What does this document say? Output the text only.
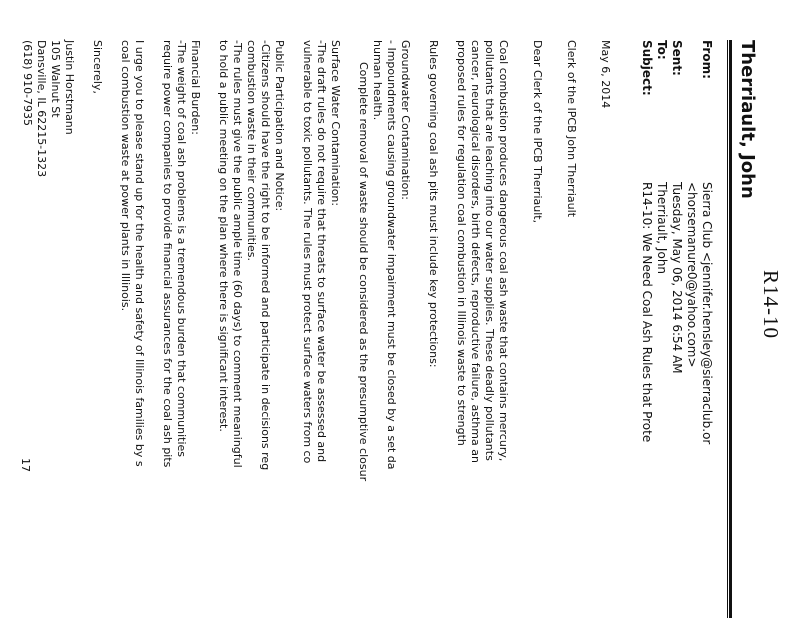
R14-10
Therriault, John
From:
Sierra Club <jennifer.hensley@sierraclub.or
<horsemanure0@yahoo.com>
Sent:
Tuesday, May 06, 2014 6:54 AM
To:
Therriault, John
Subject:
R14-10: We Need Coal Ash Rules that Prote
May 6, 2014
Clerk of the IPCB John Therriault
Dear Clerk of the IPCB Therriault,
Coal combustion produces dangerous coal ash waste that contains mercury,
pollutants that are leaching into our water supplies. These deadly pollutants
cancer, neurological disorders, birth defects, reproductive failure, asthma an
proposed rules for regulation coal combustion in Illinois waste to strength
Rules governing coal ash pits must include key protections:
Groundwater Contamination:
- Impoundments causing groundwater impairment must be closed by a set da
human health.
Complete removal of waste should be considered as the presumptive closur
Surface Water Contamination:
-The draft rules do not require that threats to surface water be assessed and
vulnerable to toxic pollutants. The rules must protect surface waters from co
Public Participation and Notice:
-Citizens should have the right to be informed and participate in decisions reg
combustion waste in their communities.
-The rules must give the public ample time (60 days) to comment meaningful
to hold a public meeting on the plan where there is significant interest.
Financial Burden:
-The weight of coal ash problems is a tremendous burden that communities
require power companies to provide financial assurances for the coal ash pits
I urge you to please stand up for the health and safety of Illinois families by s
coal combustion waste at power plants in Illinois.
Sincerely,
Justin Horstmann
105 Walnut St
Dansville, IL 62215-1323
(618) 910-7935
17
